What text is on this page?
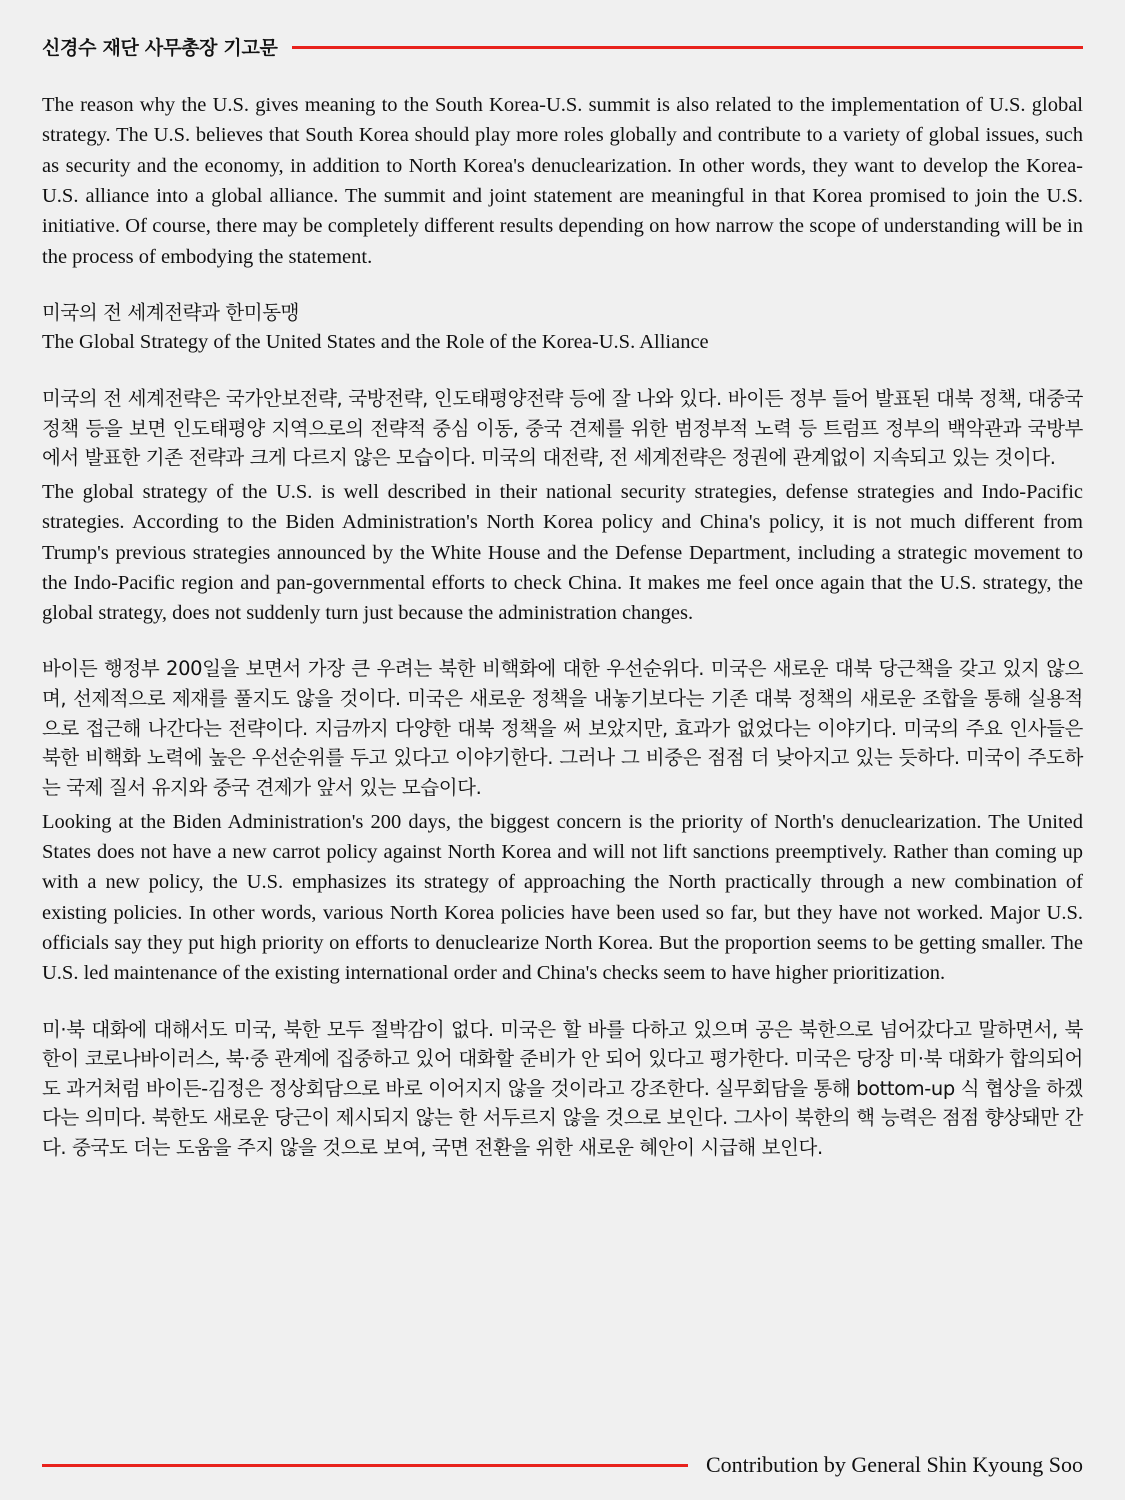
신경수 재단 사무총장 기고문

The reason why the U.S. gives meaning to the South Korea-U.S. summit is also related to the implementation of U.S. global strategy. The U.S. believes that South Korea should play more roles globally and contribute to a variety of global issues, such as security and the economy, in addition to North Korea's denuclearization. In other words, they want to develop the Korea-U.S. alliance into a global alliance. The summit and joint statement are meaningful in that Korea promised to join the U.S. initiative. Of course, there may be completely different results depending on how narrow the scope of understanding will be in the process of embodying the statement.

미국의 전 세계전략과 한미동맹

The Global Strategy of the United States and the Role of the Korea-U.S. Alliance

미국의 전 세계전략은 국가안보전략, 국방전략, 인도태평양전략 등에 잘 나와 있다. 바이든 정부 들어 발표된 대북 정책, 대중국 정책 등을 보면 인도태평양 지역으로의 전략적 중심 이동, 중국 견제를 위한 범정부적 노력 등 트럼프 정부의 백악관과 국방부에서 발표한 기존 전략과 크게 다르지 않은 모습이다. 미국의 대전략, 전 세계전략은 정권에 관계없이 지속되고 있는 것이다.

The global strategy of the U.S. is well described in their national security strategies, defense strategies and Indo-Pacific strategies. According to the Biden Administration's North Korea policy and China's policy, it is not much different from Trump's previous strategies announced by the White House and the Defense Department, including a strategic movement to the Indo-Pacific region and pan-governmental efforts to check China. It makes me feel once again that the U.S. strategy, the global strategy, does not suddenly turn just because the administration changes.

바이든 행정부 200일을 보면서 가장 큰 우려는 북한 비핵화에 대한 우선순위다. 미국은 새로운 대북 당근책을 갖고 있지 않으며, 선제적으로 제재를 풀지도 않을 것이다. 미국은 새로운 정책을 내놓기보다는 기존 대북 정책의 새로운 조합을 통해 실용적으로 접근해 나간다는 전략이다. 지금까지 다양한 대북 정책을 써 보았지만, 효과가 없었다는 이야기다. 미국의 주요 인사들은 북한 비핵화 노력에 높은 우선순위를 두고 있다고 이야기한다. 그러나 그 비중은 점점 더 낮아지고 있는 듯하다. 미국이 주도하는 국제 질서 유지와 중국 견제가 앞서 있는 모습이다.

Looking at the Biden Administration's 200 days, the biggest concern is the priority of North's denuclearization. The United States does not have a new carrot policy against North Korea and will not lift sanctions preemptively. Rather than coming up with a new policy, the U.S. emphasizes its strategy of approaching the North practically through a new combination of existing policies. In other words, various North Korea policies have been used so far, but they have not worked. Major U.S. officials say they put high priority on efforts to denuclearize North Korea. But the proportion seems to be getting smaller. The U.S. led maintenance of the existing international order and China's checks seem to have higher prioritization.

미·북 대화에 대해서도 미국, 북한 모두 절박감이 없다. 미국은 할 바를 다하고 있으며 공은 북한으로 넘어갔다고 말하면서, 북한이 코로나바이러스, 북·중 관계에 집중하고 있어 대화할 준비가 안 되어 있다고 평가한다. 미국은 당장 미·북 대화가 합의되어도 과거처럼 바이든-김정은 정상회담으로 바로 이어지지 않을 것이라고 강조한다. 실무회담을 통해 bottom-up 식 협상을 하겠다는 의미다. 북한도 새로운 당근이 제시되지 않는 한 서두르지 않을 것으로 보인다. 그사이 북한의 핵 능력은 점점 향상돼만 간다. 중국도 더는 도움을 주지 않을 것으로 보여, 국면 전환을 위한 새로운 혜안이 시급해 보인다.

Contribution by General Shin Kyoung Soo
